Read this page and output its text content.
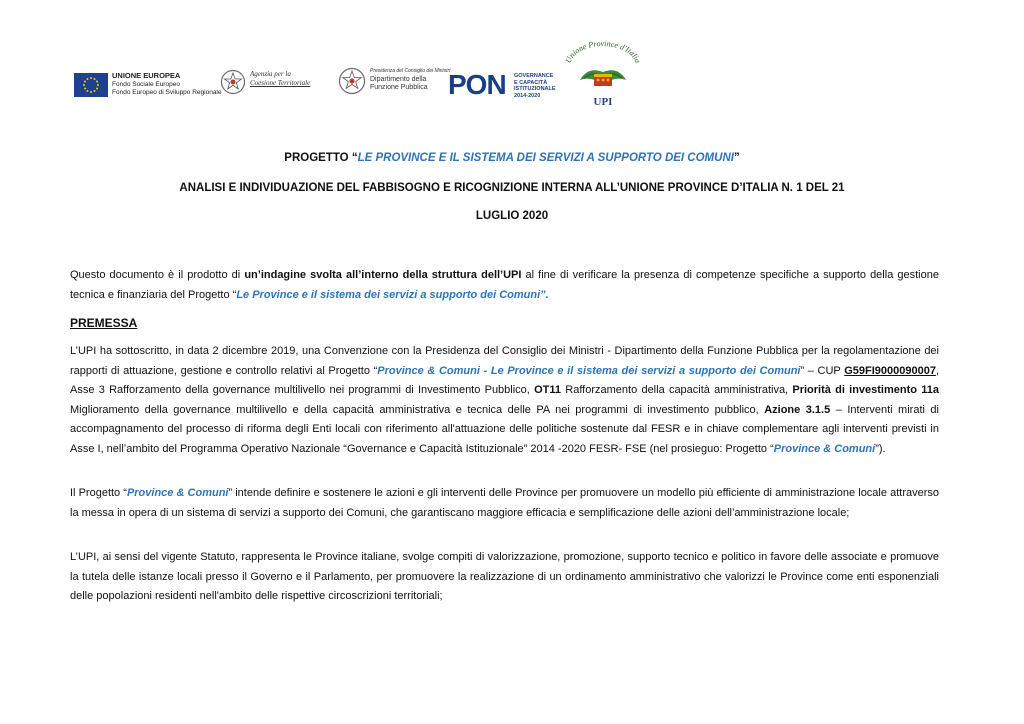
UNIONE EUROPEA
Fondo Sociale Europeo
Fondo Europeo di Sviluppo Regionale
Agenzia per la
Coesione Territoriale
Presidenza del Consiglio dei Ministri
Dipartimento della
Funzione Pubblica PON GOVERNANCE
E CAPACITÀ
ISTITUZIONALE
2014-2020
Unione Province d'Italia
UPI
PROGETTO “LE PROVINCE E IL SISTEMA DEI SERVIZI A SUPPORTO DEI COMUNI”
ANALISI E INDIVIDUAZIONE DEL FABBISOGNO E RICOGNIZIONE INTERNA ALL’UNIONE PROVINCE D’ITALIA N. 1 DEL 21
LUGLIO 2020
Questo documento è il prodotto di un’indagine svolta all’interno della struttura dell’UPI al fine di verificare la presenza di competenze specifiche a supporto della gestione tecnica e finanziaria del Progetto “Le Province e il sistema dei servizi a supporto dei Comuni”.
PREMESSA
L’UPI ha sottoscritto, in data 2 dicembre 2019, una Convenzione con la Presidenza del Consiglio dei Ministri - Dipartimento della Funzione Pubblica per la regolamentazione dei rapporti di attuazione, gestione e controllo relativi al Progetto “Province & Comuni - Le Province e il sistema dei servizi a supporto dei Comuni” – CUP G59FI9000090007, Asse 3 Rafforzamento della governance multilivello nei programmi di Investimento Pubblico, OT11 Rafforzamento della capacità amministrativa, Priorità di investimento 11a Miglioramento della governance multilivello e della capacità amministrativa e tecnica delle PA nei programmi di investimento pubblico, Azione 3.1.5 – Interventi mirati di accompagnamento del processo di riforma degli Enti locali con riferimento all'attuazione delle politiche sostenute dal FESR e in chiave complementare agli interventi previsti in Asse I, nell’ambito del Programma Operativo Nazionale “Governance e Capacità Istituzionale” 2014 -2020 FESR- FSE (nel prosieguo: Progetto “Province & Comuni”).
Il Progetto “Province & Comuni” intende definire e sostenere le azioni e gli interventi delle Province per promuovere un modello più efficiente di amministrazione locale attraverso la messa in opera di un sistema di servizi a supporto dei Comuni, che garantiscano maggiore efficacia e semplificazione delle azioni dell’amministrazione locale;
L’UPI, ai sensi del vigente Statuto, rappresenta le Province italiane, svolge compiti di valorizzazione, promozione, supporto tecnico e politico in favore delle associate e promuove la tutela delle istanze locali presso il Governo e il Parlamento, per promuovere la realizzazione di un ordinamento amministrativo che valorizzi le Province come enti esponenziali delle popolazioni residenti nell'ambito delle rispettive circoscrizioni territoriali;
